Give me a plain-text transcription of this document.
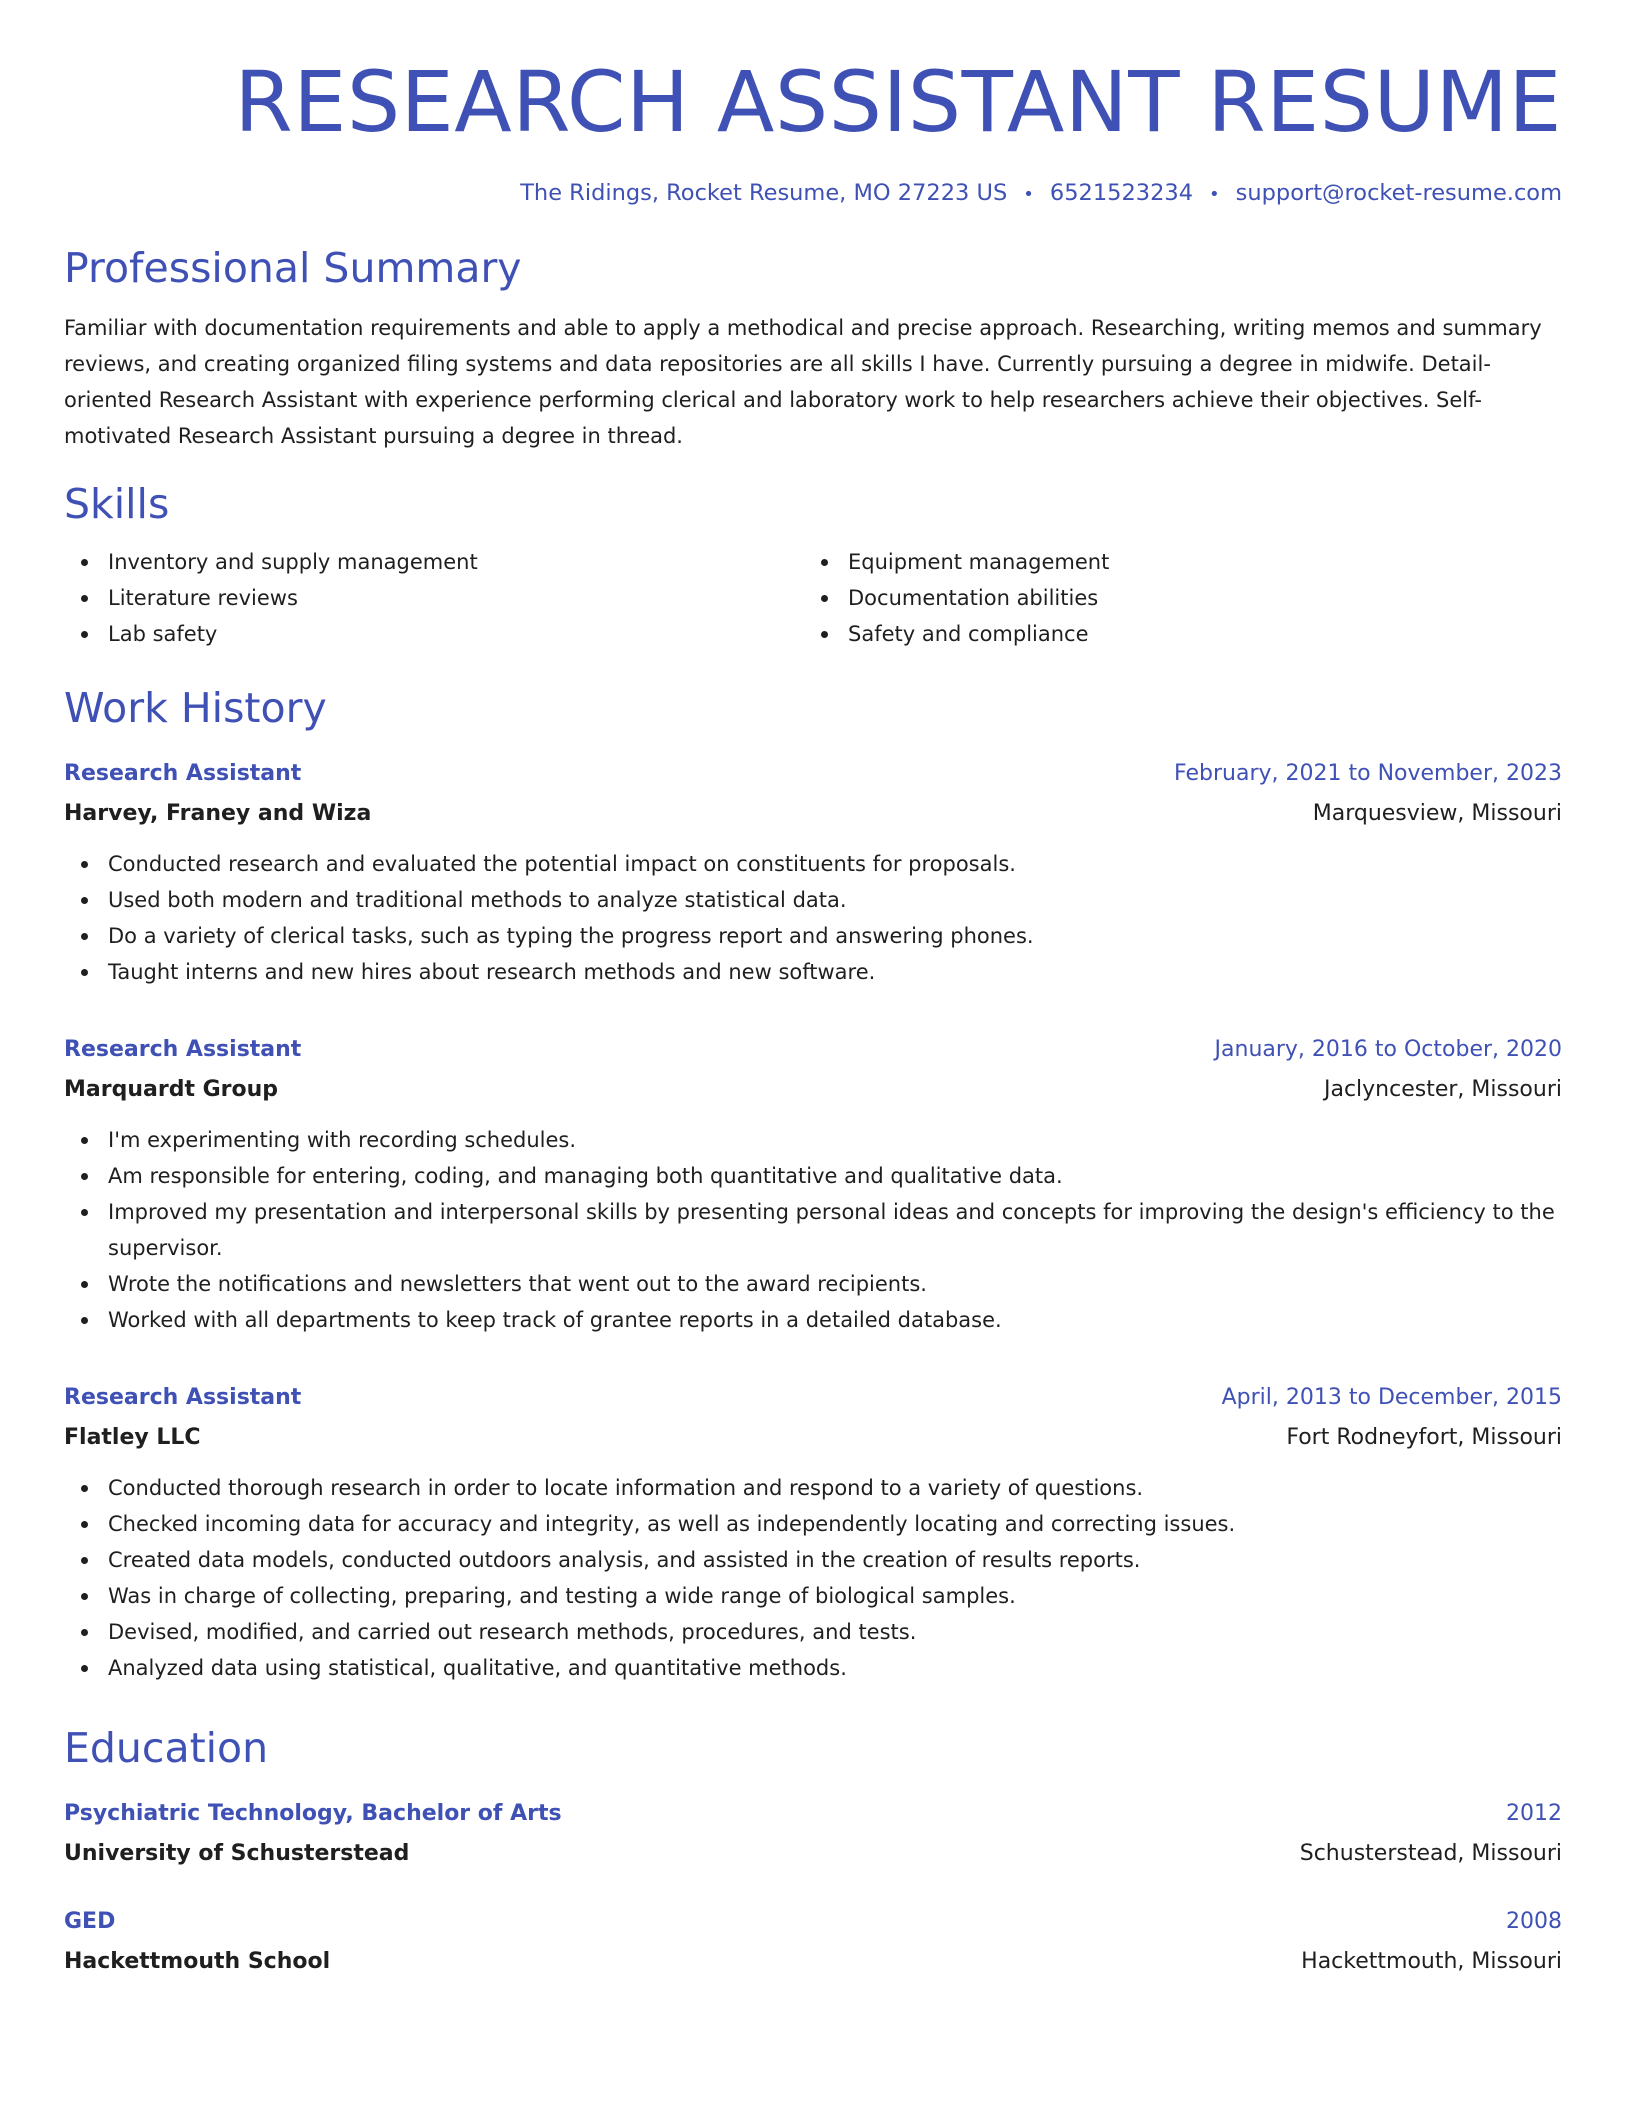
RESEARCH ASSISTANT RESUME
The Ridings, Rocket Resume, MO 27223 US • 6521523234 • support@rocket-resume.com
Professional Summary

Familiar with documentation requirements and able to apply a methodical and precise approach. Researching, writing memos and summary reviews, and creating organized filing systems and data repositories are all skills I have. Currently pursuing a degree in midwife. Detail-oriented Research Assistant with experience performing clerical and laboratory work to help researchers achieve their objectives. Self-motivated Research Assistant pursuing a degree in thread.

Skills
Inventory and supply management
Literature reviews
Lab safety
Equipment management
Documentation abilities
Safety and compliance
Work History
Research Assistant	February, 2021 to November, 2023
Harvey, Franey and Wiza	Marquesview, Missouri
Conducted research and evaluated the potential impact on constituents for proposals.
Used both modern and traditional methods to analyze statistical data.
Do a variety of clerical tasks, such as typing the progress report and answering phones.
Taught interns and new hires about research methods and new software.
Research Assistant	January, 2016 to October, 2020
Marquardt Group	Jaclyncester, Missouri
I'm experimenting with recording schedules.
Am responsible for entering, coding, and managing both quantitative and qualitative data.
Improved my presentation and interpersonal skills by presenting personal ideas and concepts for improving the design's efficiency to the supervisor.
Wrote the notifications and newsletters that went out to the award recipients.
Worked with all departments to keep track of grantee reports in a detailed database.
Research Assistant	April, 2013 to December, 2015
Flatley LLC	Fort Rodneyfort, Missouri
Conducted thorough research in order to locate information and respond to a variety of questions.
Checked incoming data for accuracy and integrity, as well as independently locating and correcting issues.
Created data models, conducted outdoors analysis, and assisted in the creation of results reports.
Was in charge of collecting, preparing, and testing a wide range of biological samples.
Devised, modified, and carried out research methods, procedures, and tests.
Analyzed data using statistical, qualitative, and quantitative methods.
Education
Psychiatric Technology, Bachelor of Arts	2012
University of Schusterstead	Schusterstead, Missouri
GED	2008
Hackettmouth School	Hackettmouth, Missouri
